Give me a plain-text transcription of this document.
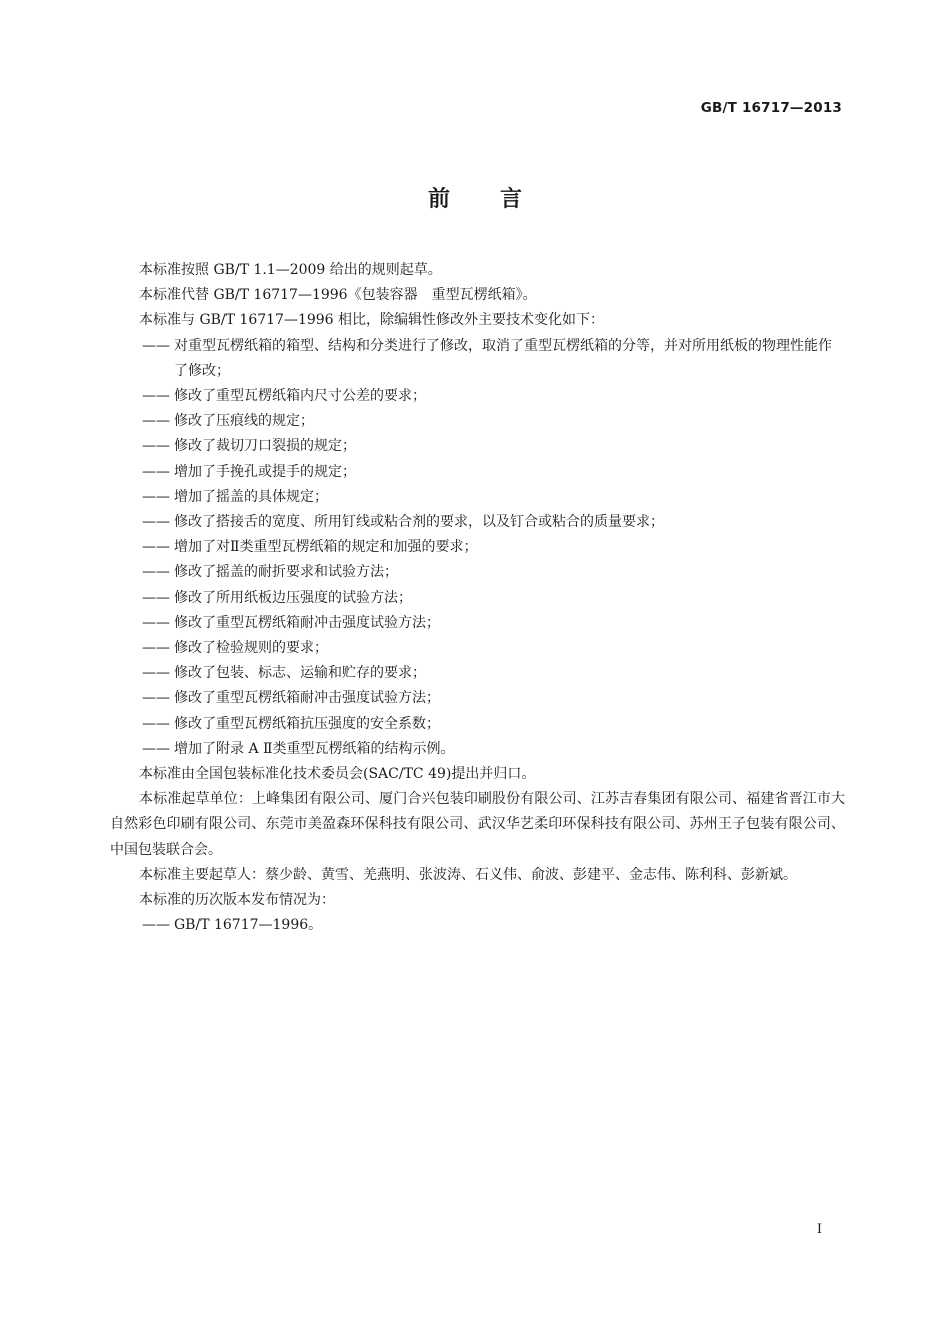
GB/T 16717—2013
前言

本标准按照 GB/T 1.1—2009 给出的规则起草。

本标准代替 GB/T 16717—1996《包装容器　重型瓦楞纸箱》。

本标准与 GB/T 16717—1996 相比，除编辑性修改外主要技术变化如下：

—— 对重型瓦楞纸箱的箱型、结构和分类进行了修改，取消了重型瓦楞纸箱的分等，并对所用纸板的物理性能作了修改；

—— 修改了重型瓦楞纸箱内尺寸公差的要求；

—— 修改了压痕线的规定；

—— 修改了裁切刀口裂损的规定；

—— 增加了手挽孔或提手的规定；

—— 增加了摇盖的具体规定；

—— 修改了搭接舌的宽度、所用钉线或粘合剂的要求，以及钉合或粘合的质量要求；

—— 增加了对Ⅱ类重型瓦楞纸箱的规定和加强的要求；

—— 修改了摇盖的耐折要求和试验方法；

—— 修改了所用纸板边压强度的试验方法；

—— 修改了重型瓦楞纸箱耐冲击强度试验方法；

—— 修改了检验规则的要求；

—— 修改了包装、标志、运输和贮存的要求；

—— 修改了重型瓦楞纸箱耐冲击强度试验方法；

—— 修改了重型瓦楞纸箱抗压强度的安全系数；

—— 增加了附录 A Ⅱ类重型瓦楞纸箱的结构示例。

本标准由全国包装标准化技术委员会(SAC/TC 49)提出并归口。

本标准起草单位：上峰集团有限公司、厦门合兴包装印刷股份有限公司、江苏吉春集团有限公司、福建省晋江市大自然彩色印刷有限公司、东莞市美盈森环保科技有限公司、武汉华艺柔印环保科技有限公司、苏州王子包装有限公司、中国包装联合会。

本标准主要起草人：蔡少龄、黄雪、羌燕明、张波涛、石义伟、俞波、彭建平、金志伟、陈利科、彭新斌。

本标准的历次版本发布情况为：

—— GB/T 16717—1996。

I
